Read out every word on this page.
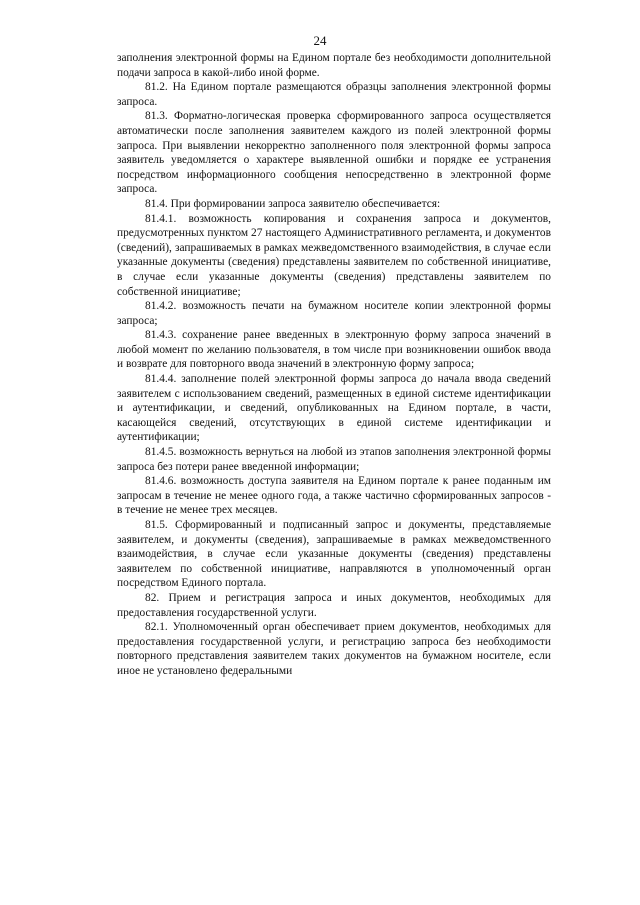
24

заполнения электронной формы на Едином портале без необходимости дополнительной подачи запроса в какой-либо иной форме.

81.2. На Едином портале размещаются образцы заполнения электронной формы запроса.

81.3. Форматно-логическая проверка сформированного запроса осуществляется автоматически после заполнения заявителем каждого из полей электронной формы запроса. При выявлении некорректно заполненного поля электронной формы запроса заявитель уведомляется о характере выявленной ошибки и порядке ее устранения посредством информационного сообщения непосредственно в электронной форме запроса.

81.4. При формировании запроса заявителю обеспечивается:

81.4.1. возможность копирования и сохранения запроса и документов, предусмотренных пунктом 27 настоящего Административного регламента, и документов (сведений), запрашиваемых в рамках межведомственного взаимодействия, в случае если указанные документы (сведения) представлены заявителем по собственной инициативе, в случае если указанные документы (сведения) представлены заявителем по собственной инициативе;

81.4.2. возможность печати на бумажном носителе копии электронной формы запроса;

81.4.3. сохранение ранее введенных в электронную форму запроса значений в любой момент по желанию пользователя, в том числе при возникновении ошибок ввода и возврате для повторного ввода значений в электронную форму запроса;

81.4.4. заполнение полей электронной формы запроса до начала ввода сведений заявителем с использованием сведений, размещенных в единой системе идентификации и аутентификации, и сведений, опубликованных на Едином портале, в части, касающейся сведений, отсутствующих в единой системе идентификации и аутентификации;

81.4.5. возможность вернуться на любой из этапов заполнения электронной формы запроса без потери ранее введенной информации;

81.4.6. возможность доступа заявителя на Едином портале к ранее поданным им запросам в течение не менее одного года, а также частично сформированных запросов - в течение не менее трех месяцев.

81.5. Сформированный и подписанный запрос и документы, представляемые заявителем, и документы (сведения), запрашиваемые в рамках межведомственного взаимодействия, в случае если указанные документы (сведения) представлены заявителем по собственной инициативе, направляются в уполномоченный орган посредством Единого портала.

82. Прием и регистрация запроса и иных документов, необходимых для предоставления государственной услуги.

82.1. Уполномоченный орган обеспечивает прием документов, необходимых для предоставления государственной услуги, и регистрацию запроса без необходимости повторного представления заявителем таких документов на бумажном носителе, если иное не установлено федеральными
